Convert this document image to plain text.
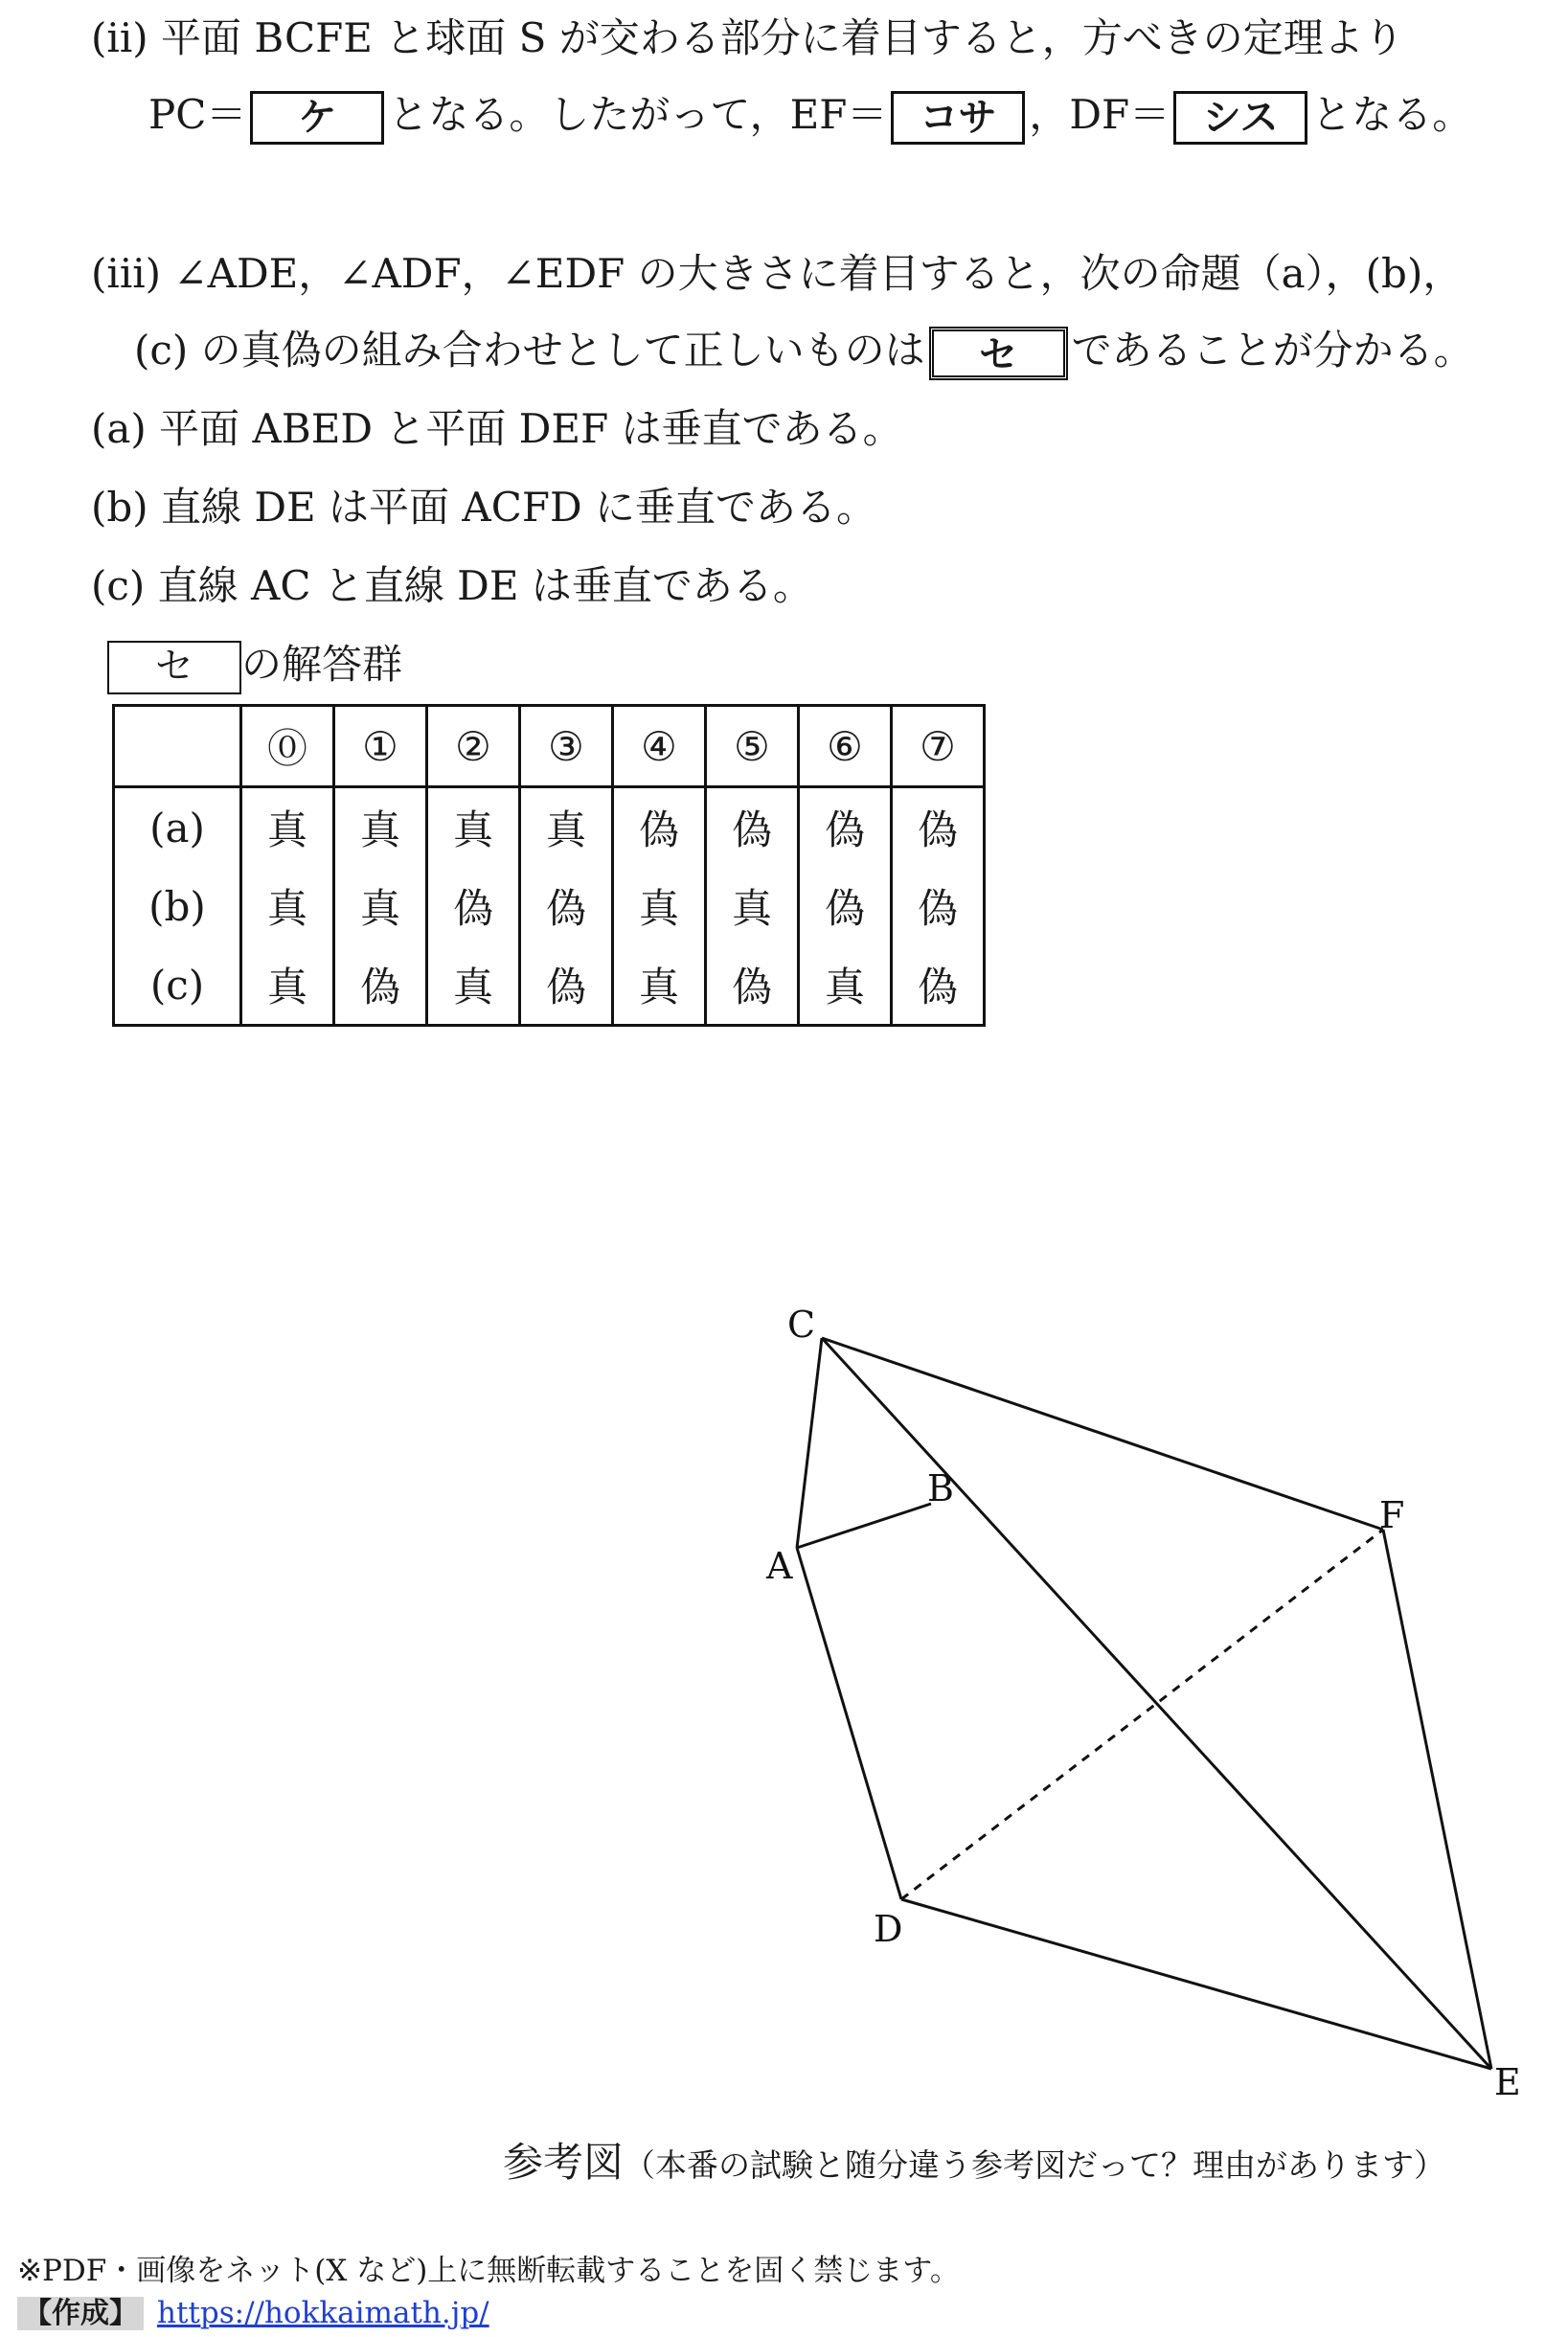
(ii) 平面 BCFE と球面 S が交わる部分に着目すると，方べきの定理より
PC＝ ケ となる。したがって，EF＝ コサ ，DF＝ シス となる。
(iii) ∠ADE，∠ADF，∠EDF の大きさに着目すると，次の命題（a），(b)，
(c) の真偽の組み合わせとして正しいものは セ であることが分かる。
(a) 平面 ABED と平面 DEF は垂直である。
(b) 直線 DE は平面 ACFD に垂直である。
(c) 直線 AC と直線 DE は垂直である。
セ の解答群
	⓪	①	②	③	④	⑤	⑥	⑦
(a)	真	真	真	真	偽	偽	偽	偽
(b)	真	真	偽	偽	真	真	偽	偽
(c)	真	偽	真	偽	真	偽	真	偽
C
B
A
F
D
E
参考図（本番の試験と随分違う参考図だって？理由があります）
※PDF・画像をネット(X など)上に無断転載することを固く禁じます。
【作成】 https://hokkaimath.jp/
